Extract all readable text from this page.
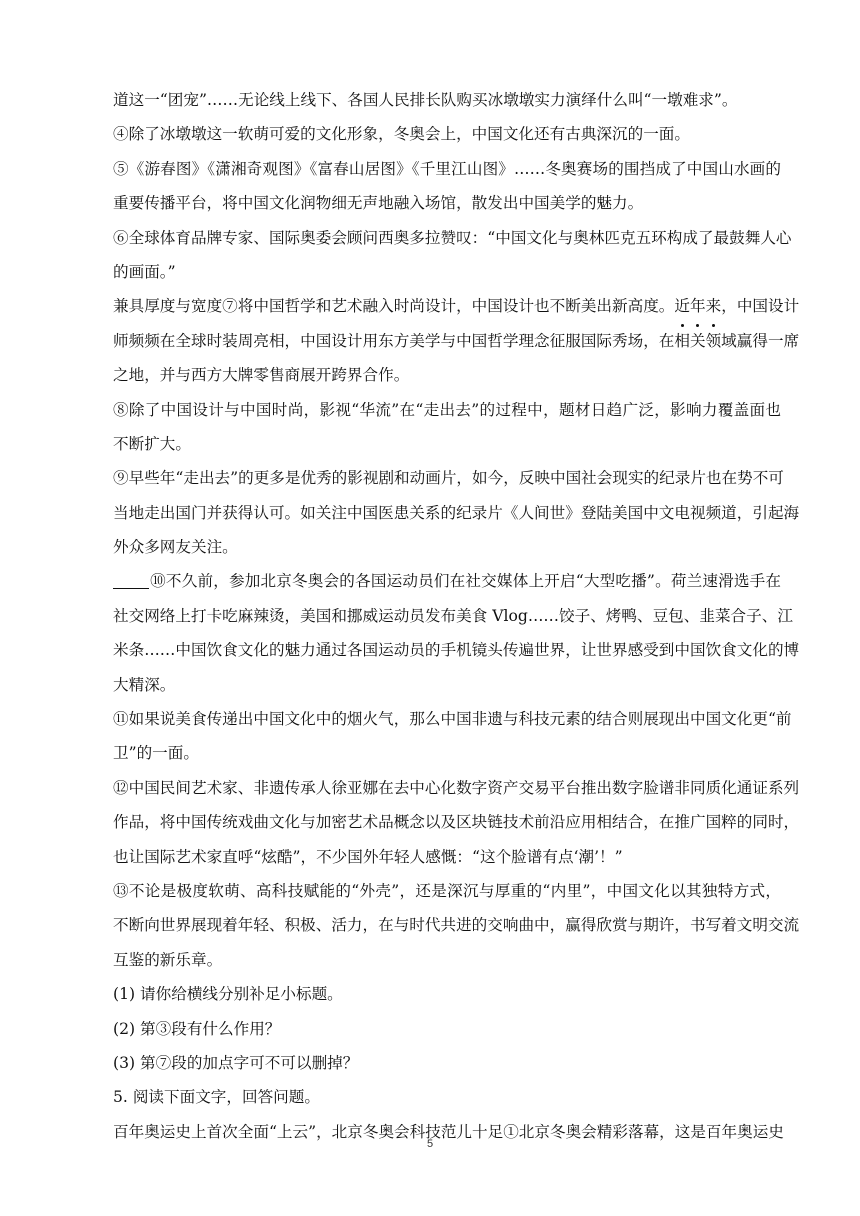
道这一“团宠”……无论线上线下、各国人民排长队购买冰墩墩实力演绎什么叫“一墩难求”。
④除了冰墩墩这一软萌可爱的文化形象，冬奥会上，中国文化还有古典深沉的一面。
⑤《游春图》《潇湘奇观图》《富春山居图》《千里江山图》……冬奥赛场的围挡成了中国山水画的
重要传播平台，将中国文化润物细无声地融入场馆，散发出中国美学的魅力。
⑥全球体育品牌专家、国际奥委会顾问西奥多拉赞叹：“中国文化与奥林匹克五环构成了最鼓舞人心
的画面。”
兼具厚度与宽度⑦将中国哲学和艺术融入时尚设计，中国设计也不断美出新高度。近年来，中国设计
师频频在全球时装周亮相，中国设计用东方美学与中国哲学理念征服国际秀场，在相关领域赢得一席
之地，并与西方大牌零售商展开跨界合作。
⑧除了中国设计与中国时尚，影视“华流”在“走出去”的过程中，题材日趋广泛，影响力覆盖面也
不断扩大。
⑨早些年“走出去”的更多是优秀的影视剧和动画片，如今，反映中国社会现实的纪录片也在势不可
当地走出国门并获得认可。如关注中国医患关系的纪录片《人间世》登陆美国中文电视频道，引起海
外众多网友关注。
⑩不久前，参加北京冬奥会的各国运动员们在社交媒体上开启“大型吃播”。荷兰速滑选手在
社交网络上打卡吃麻辣烫，美国和挪威运动员发布美食 Vlog……饺子、烤鸭、豆包、韭菜合子、江
米条……中国饮食文化的魅力通过各国运动员的手机镜头传遍世界，让世界感受到中国饮食文化的博
大精深。
⑪如果说美食传递出中国文化中的烟火气，那么中国非遗与科技元素的结合则展现出中国文化更“前
卫”的一面。
⑫中国民间艺术家、非遗传承人徐亚娜在去中心化数字资产交易平台推出数字脸谱非同质化通证系列
作品，将中国传统戏曲文化与加密艺术品概念以及区块链技术前沿应用相结合，在推广国粹的同时，
也让国际艺术家直呼“炫酷”，不少国外年轻人感慨：“这个脸谱有点‘潮’！”
⑬不论是极度软萌、高科技赋能的“外壳”，还是深沉与厚重的“内里”，中国文化以其独特方式，
不断向世界展现着年轻、积极、活力，在与时代共进的交响曲中，赢得欣赏与期许，书写着文明交流
互鉴的新乐章。
(1) 请你给横线分别补足小标题。
(2) 第③段有什么作用？
(3) 第⑦段的加点字可不可以删掉？
5. 阅读下面文字，回答问题。
百年奥运史上首次全面“上云”，北京冬奥会科技范儿十足①北京冬奥会精彩落幕，这是百年奥运史
5
